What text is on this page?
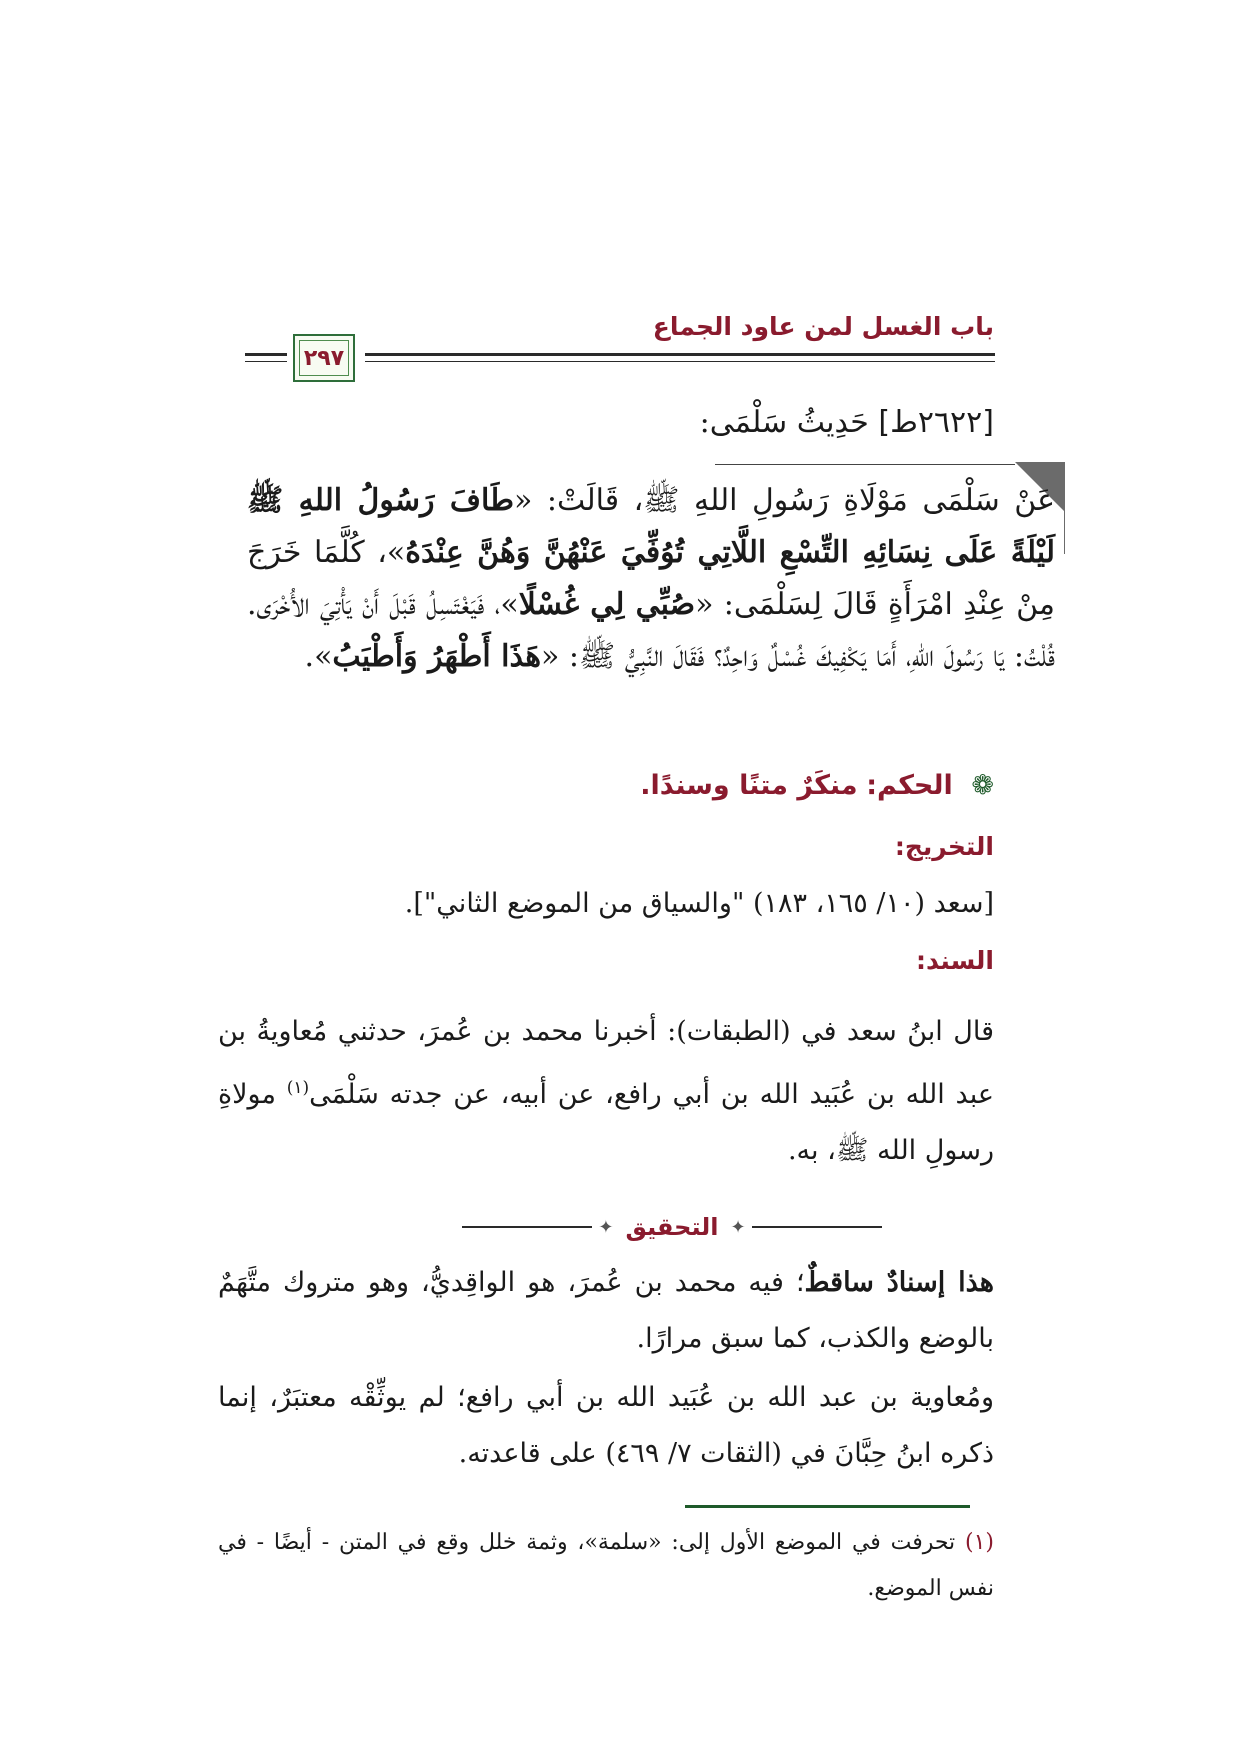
باب الغسل لمن عاود الجماع
٢٩٧
[٢٦٢٢ط] حَدِيثُ سَلْمَى:
عَنْ سَلْمَى مَوْلَاةِ رَسُولِ اللهِ ﷺ، قَالَتْ: «طَافَ رَسُولُ اللهِ ﷺ لَيْلَةً عَلَى نِسَائِهِ التِّسْعِ اللَّاتِي تُوُفِّيَ عَنْهُنَّ وَهُنَّ عِنْدَهُ»، كُلَّمَا خَرَجَ مِنْ عِنْدِ امْرَأَةٍ قَالَ لِسَلْمَى: «صُبِّي لِي غُسْلًا»، فَيَغْتَسِلُ قَبْلَ أَنْ يَأْتِيَ الأُخْرَى. قُلْتُ: يَا رَسُولَ اللهِ، أَمَا يَكْفِيكَ غُسْلٌ وَاحِدٌ؟ فَقَالَ النَّبِيُّ ﷺ: «هَذَا أَطْهَرُ وَأَطْيَبُ».
❁ الحكم: منكَرٌ متنًا وسندًا.
التخريج:
[سعد (١٠/ ١٦٥، ١٨٣) "والسياق من الموضع الثاني"].
السند:
قال ابنُ سعد في (الطبقات): أخبرنا محمد بن عُمرَ، حدثني مُعاويةُ بن عبد الله بن عُبَيد الله بن أبي رافع، عن أبيه، عن جدته سَلْمَى$^{(١)}$ مولاةِ رسولِ الله ﷺ، به.
✦
التحقيق
✦
هذا إسنادٌ ساقطٌ؛ فيه محمد بن عُمرَ، هو الواقِديُّ، وهو متروك متَّهَمٌ بالوضع والكذب، كما سبق مرارًا.
ومُعاوية بن عبد الله بن عُبَيد الله بن أبي رافع؛ لم يوثِّقْه معتبَرٌ، إنما ذكره ابنُ حِبَّانَ في (الثقات ٧/ ٤٦٩) على قاعدته.
(١) تحرفت في الموضع الأول إلى: «سلمة»، وثمة خلل وقع في المتن - أيضًا - في نفس الموضع.
